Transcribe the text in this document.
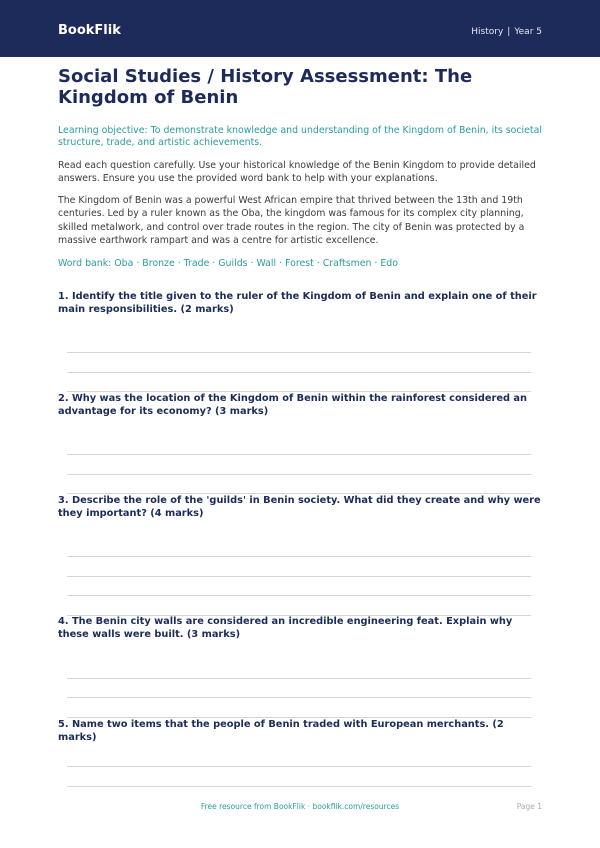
BookFlik	History | Year 5
Social Studies / History Assessment: The Kingdom of Benin
Learning objective: To demonstrate knowledge and understanding of the Kingdom of Benin, its societal structure, trade, and artistic achievements.
Read each question carefully. Use your historical knowledge of the Benin Kingdom to provide detailed answers. Ensure you use the provided word bank to help with your explanations.
The Kingdom of Benin was a powerful West African empire that thrived between the 13th and 19th centuries. Led by a ruler known as the Oba, the kingdom was famous for its complex city planning, skilled metalwork, and control over trade routes in the region. The city of Benin was protected by a massive earthwork rampart and was a centre for artistic excellence.
Word bank: Oba · Bronze · Trade · Guilds · Wall · Forest · Craftsmen · Edo
1. Identify the title given to the ruler of the Kingdom of Benin and explain one of their main responsibilities. (2 marks)
2. Why was the location of the Kingdom of Benin within the rainforest considered an advantage for its economy? (3 marks)
3. Describe the role of the 'guilds' in Benin society. What did they create and why were they important? (4 marks)
4. The Benin city walls are considered an incredible engineering feat. Explain why these walls were built. (3 marks)
5. Name two items that the people of Benin traded with European merchants. (2 marks)
Free resource from BookFlik · bookflik.com/resources	Page 1
